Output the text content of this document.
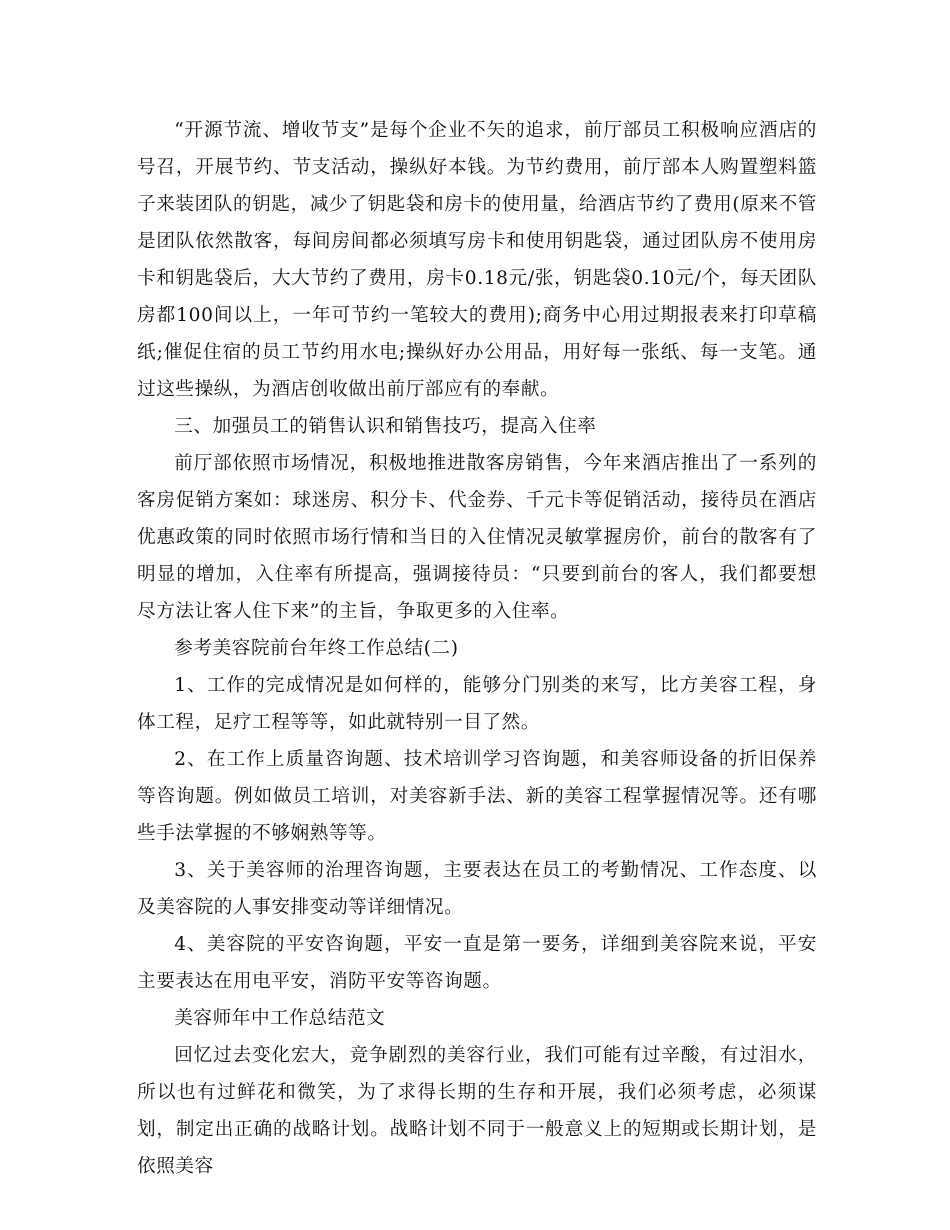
“开源节流、增收节支”是每个企业不矢的追求，前厅部员工积极响应酒店的号召，开展节约、节支活动，操纵好本钱。为节约费用，前厅部本人购置塑料篮子来装团队的钥匙，减少了钥匙袋和房卡的使用量，给酒店节约了费用(原来不管是团队依然散客，每间房间都必须填写房卡和使用钥匙袋，通过团队房不使用房卡和钥匙袋后，大大节约了费用，房卡0.18元/张，钥匙袋0.10元/个，每天团队房都100间以上，一年可节约一笔较大的费用);商务中心用过期报表来打印草稿纸;催促住宿的员工节约用水电;操纵好办公用品，用好每一张纸、每一支笔。通过这些操纵，为酒店创收做出前厅部应有的奉献。

三、加强员工的销售认识和销售技巧，提高入住率

前厅部依照市场情况，积极地推进散客房销售，今年来酒店推出了一系列的客房促销方案如：球迷房、积分卡、代金券、千元卡等促销活动，接待员在酒店优惠政策的同时依照市场行情和当日的入住情况灵敏掌握房价，前台的散客有了明显的增加，入住率有所提高，强调接待员：“只要到前台的客人，我们都要想尽方法让客人住下来”的主旨，争取更多的入住率。

参考美容院前台年终工作总结(二)

1、工作的完成情况是如何样的，能够分门别类的来写，比方美容工程，身体工程，足疗工程等等，如此就特别一目了然。

2、在工作上质量咨询题、技术培训学习咨询题，和美容师设备的折旧保养等咨询题。例如做员工培训，对美容新手法、新的美容工程掌握情况等。还有哪些手法掌握的不够娴熟等等。

3、关于美容师的治理咨询题，主要表达在员工的考勤情况、工作态度、以及美容院的人事安排变动等详细情况。

4、美容院的平安咨询题，平安一直是第一要务，详细到美容院来说，平安主要表达在用电平安，消防平安等咨询题。

美容师年中工作总结范文

回忆过去变化宏大，竞争剧烈的美容行业，我们可能有过辛酸，有过泪水，所以也有过鲜花和微笑，为了求得长期的生存和开展，我们必须考虑，必须谋划，制定出正确的战略计划。战略计划不同于一般意义上的短期或长期计划，是依照美容
